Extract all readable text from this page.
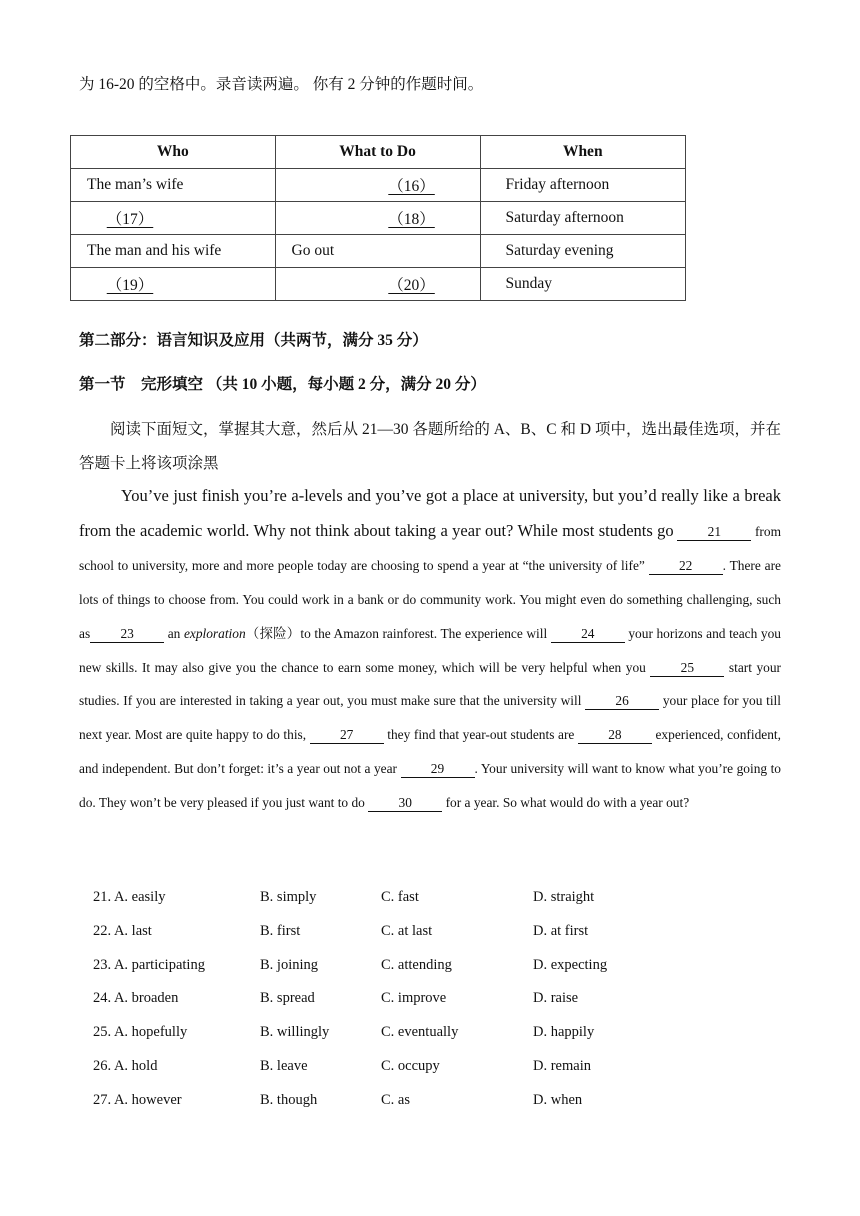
为 16-20 的空格中。录音读两遍。 你有 2 分钟的作题时间。
Who	What to Do	When
The man’s wife	（16）	Friday afternoon
（17）	（18）	Saturday afternoon
The man and his wife	Go out	Saturday evening
（19）	（20）	Sunday
第二部分：语言知识及应用（共两节，满分 35 分）
第一节　完形填空 （共 10 小题，每小题 2 分，满分 20 分）
阅读下面短文，掌握其大意，然后从 21—30 各题所给的 A、B、C 和 D 项中，选出最佳选项，并在答题卡上将该项涂黑
You’ve just finish you’re a-levels and you’ve got a place at university, but you’d really like a break from the academic world. Why not think about taking a year out? While most students go	21 from school to university, more and more people today are choosing to spend a year at “the university of life” 22 . There are lots of things to choose from. You could work in a bank or do community work. You might even do something challenging, such as 23 an exploration（探险）to the Amazon rainforest. The experience will 24 your horizons and teach you new skills. It may also give you the chance to earn some money, which will be very helpful when you 25 start your studies. If you are interested in taking a year out, you must make sure that the university will 26 your place for you till next year. Most are quite happy to do this, 27 they find that year-out students are 28 experienced, confident, and independent. But don’t forget: it’s a year out not a year 29 . Your university will want to know what you’re going to do. They won’t be very pleased if you just want to do 30 for a year. So what would do with a year out?
21. A. easily	B. simply	C. fast	D. straight
22. A. last	B. first	C. at last	D. at first
23. A. participating	B. joining	C. attending	D. expecting
24. A. broaden	B. spread	C. improve	D. raise
25. A. hopefully	B. willingly	C. eventually	D. happily
26. A. hold	B. leave	C. occupy	D. remain
27. A. however	B. though	C. as	D. when
